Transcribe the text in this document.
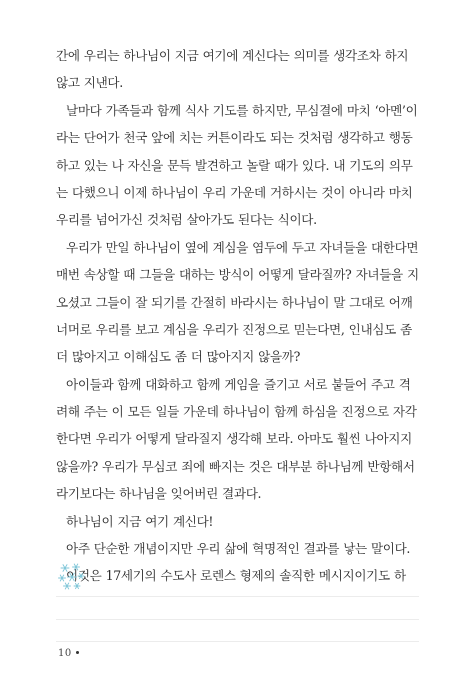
간에 우리는 하나님이 지금 여기에 계신다는 의미를 생각조차 하지
않고 지낸다.
날마다 가족들과 함께 식사 기도를 하지만, 무심결에 마치 ‘아멘’이
라는 단어가 천국 앞에 치는 커튼이라도 되는 것처럼 생각하고 행동
하고 있는 나 자신을 문득 발견하고 놀랄 때가 있다. 내 기도의 의무
는 다했으니 이제 하나님이 우리 가운데 거하시는 것이 아니라 마치
우리를 넘어가신 것처럼 살아가도 된다는 식이다.
우리가 만일 하나님이 옆에 계심을 염두에 두고 자녀들을 대한다면
매번 속상할 때 그들을 대하는 방식이 어떻게 달라질까? 자녀들을 지
오셨고 그들이 잘 되기를 간절히 바라시는 하나님이 말 그대로 어깨
너머로 우리를 보고 계심을 우리가 진정으로 믿는다면, 인내심도 좀
더 많아지고 이해심도 좀 더 많아지지 않을까?
아이들과 함께 대화하고 함께 게임을 즐기고 서로 붙들어 주고 격
려해 주는 이 모든 일들 가운데 하나님이 함께 하심을 진정으로 자각
한다면 우리가 어떻게 달라질지 생각해 보라. 아마도 훨씬 나아지지
않을까? 우리가 무심코 죄에 빠지는 것은 대부분 하나님께 반항해서
라기보다는 하나님을 잊어버린 결과다.
하나님이 지금 여기 계신다!
아주 단순한 개념이지만 우리 삶에 혁명적인 결과를 낳는 말이다.
이것은 17세기의 수도사 로렌스 형제의 솔직한 메시지이기도 하
10
